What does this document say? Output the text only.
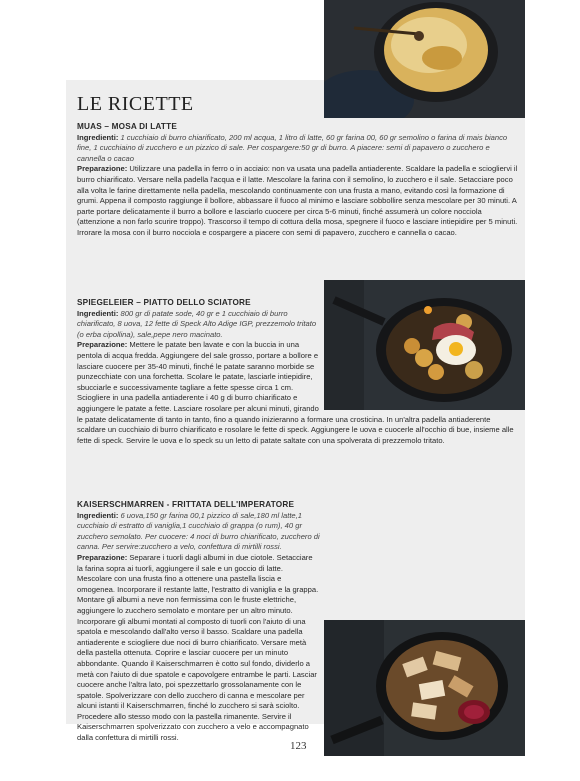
LE RICETTE

MUAS – MOSA DI LATTE

Ingredienti: 1 cucchiaio di burro chiarificato, 200 ml acqua, 1 litro di latte, 60 gr farina 00, 60 gr semolino o farina di mais bianco fine, 1 cucchiaino di zucchero e un pizzico di sale. Per cospargere:50 gr di burro. A piacere: semi di papavero o zucchero e cannella o cacao

Preparazione: Utilizzare una padella in ferro o in acciaio: non va usata una padella antiaderente. Scaldare la padella e sciogliervi il burro chiarificato. Versare nella padella l'acqua e il latte. Mescolare la farina con il semolino, lo zucchero e il sale. Setacciare poco alla volta le farine direttamente nella padella, mescolando continuamente con una frusta a mano, evitando così la formazione di grumi. Appena il composto raggiunge il bollore, abbassare il fuoco al minimo e lasciare sobbollire senza mescolare per 30 minuti. A parte portare delicatamente il burro a bollore e lasciarlo cuocere per circa 5-6 minuti, finché assumerà un colore nocciola (attenzione a non farlo scurire troppo). Trascorso il tempo di cottura della mosa, spegnere il fuoco e lasciare intiepidire per 5 minuti. Irrorare la mosa con il burro nocciola e cospargere a piacere con semi di papavero, zucchero e cannella o cacao.

SPIEGELEIER – PIATTO DELLO SCIATORE

Ingredienti: 800 gr di patate sode, 40 gr e 1 cucchiaio di burro chiarificato, 8 uova, 12 fette di Speck Alto Adige IGP, prezzemolo tritato (o erba cipollina), sale,pepe nero macinato.

Preparazione: Mettere le patate ben lavate e con la buccia in una pentola di acqua fredda. Aggiungere del sale grosso, portare a bollore e lasciare cuocere per 35-40 minuti, finché le patate saranno morbide se punzecchiate con una forchetta. Scolare le patate, lasciarle intiepidire, sbucciarle e successivamente tagliare a fette spesse circa 1 cm. Sciogliere in una padella antiaderente i 40 g di burro chiarificato e aggiungere le patate a fette. Lasciare rosolare per alcuni minuti, girando le patate delicatamente di tanto in tanto, fino a quando inizieranno a formare una crosticina. In un'altra padella antiaderente scaldare un cucchiaio di burro chiarificato e rosolare le fette di speck. Aggiungere le uova e cuocerle all'occhio di bue, insieme alle fette di speck. Servire le uova e lo speck su un letto di patate saltate con una spolverata di prezzemolo tritato.

KAISERSCHMARREN - FRITTATA DELL'IMPERATORE

Ingredienti: 6 uova,150 gr farina 00,1 pizzico di sale,180 ml latte,1 cucchiaio di estratto di vaniglia,1 cucchiaio di grappa (o rum), 40 gr zucchero semolato. Per cuocere: 4 noci di burro chiarificato, zucchero di canna. Per servire:zucchero a velo, confettura di mirtilli rossi.

Preparazione: Separare i tuorli dagli albumi in due ciotole. Setacciare la farina sopra ai tuorli, aggiungere il sale e un goccio di latte. Mescolare con una frusta fino a ottenere una pastella liscia e omogenea. Incorporare il restante latte, l'estratto di vaniglia e la grappa. Montare gli albumi a neve non fermissima con le fruste elettriche, aggiungere lo zucchero semolato e montare per un altro minuto. Incorporare gli albumi montati al composto di tuorli con l'aiuto di una spatola e mescolando dall'alto verso il basso. Scaldare una padella antiaderente e sciogliere due noci di burro chiarificato. Versare metà della pastella ottenuta. Coprire e lasciar cuocere per un minuto abbondante. Quando il Kaiserschmarren è cotto sul fondo, dividerlo a metà con l'aiuto di due spatole e capovolgere entrambe le parti. Lasciar cuocere anche l'altra lato, poi spezzettarlo grossolanamente con le spatole. Spolverizzare con dello zucchero di canna e mescolare per alcuni istanti il Kaiserschmarren, finché lo zucchero si sarà sciolto. Procedere allo stesso modo con la pastella rimanente. Servire il Kaiserschmarren spolverizzato con zucchero a velo e accompagnato dalla confettura di mirtilli rossi.

123
